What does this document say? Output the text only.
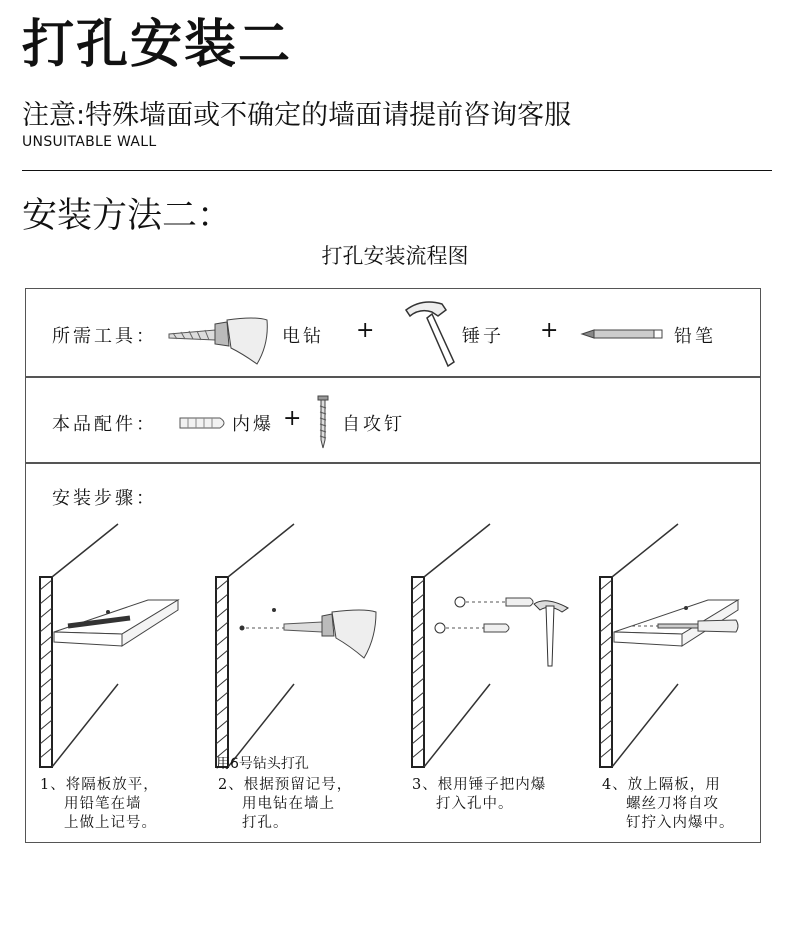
打孔安装二
注意:特殊墙面或不确定的墙面请提前咨询客服
UNSUITABLE WALL
安装方法二：
打孔安装流程图
所需工具：	电钻 +	锤子 +	铅笔
本品配件：	内爆 + 自攻钉
安装步骤：
用6号钻头打孔
1、将隔板放平，
用铅笔在墙
上做上记号。
2、根据预留记号，
用电钻在墙上
打孔。
3、根用锤子把内爆
打入孔中。
4、放上隔板，用
螺丝刀将自攻
钉拧入内爆中。
